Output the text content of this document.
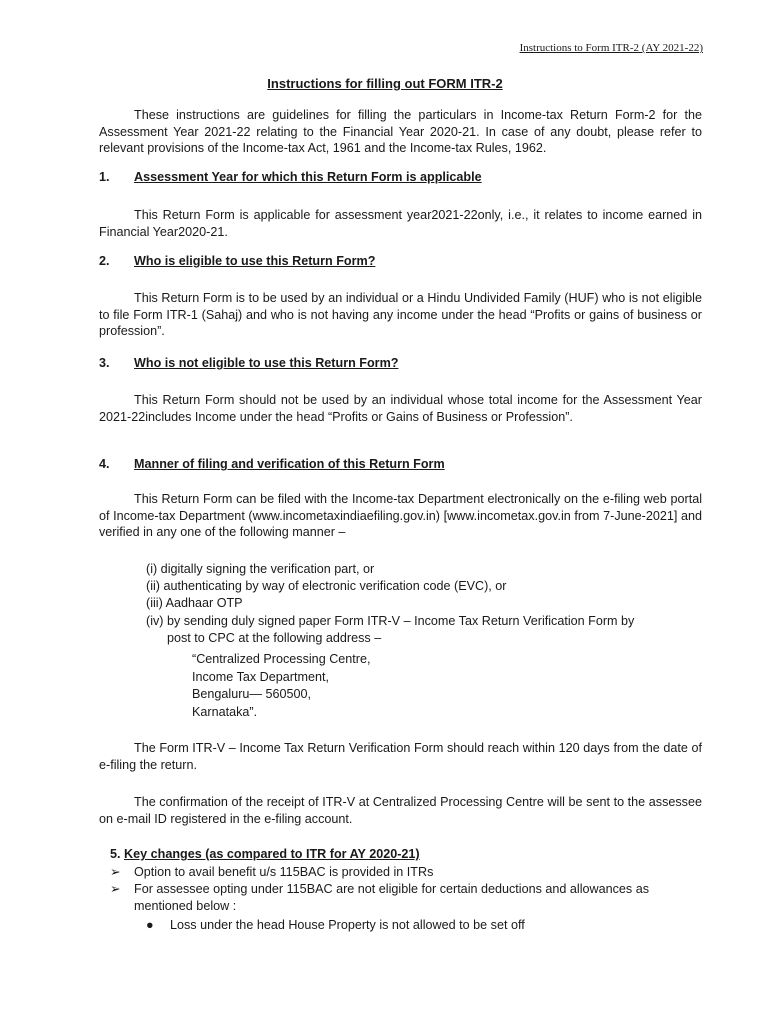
Instructions to Form ITR-2 (AY 2021-22)
Instructions for filling out FORM ITR-2
These instructions are guidelines for filling the particulars in Income-tax Return Form-2 for the Assessment Year 2021-22 relating to the Financial Year 2020-21. In case of any doubt, please refer to relevant provisions of the Income-tax Act, 1961 and the Income-tax Rules, 1962.
1. Assessment Year for which this Return Form is applicable
This Return Form is applicable for assessment year2021-22only, i.e., it relates to income earned in Financial Year2020-21.
2. Who is eligible to use this Return Form?
This Return Form is to be used by an individual or a Hindu Undivided Family (HUF) who is not eligible to file Form ITR-1 (Sahaj) and who is not having any income under the head “Profits or gains of business or profession”.
3. Who is not eligible to use this Return Form?
This Return Form should not be used by an individual whose total income for the Assessment Year 2021-22includes Income under the head “Profits or Gains of Business or Profession”.
4. Manner of filing and verification of this Return Form
This Return Form can be filed with the Income-tax Department electronically on the e-filing web portal of Income-tax Department (www.incometaxindiaefiling.gov.in) [www.incometax.gov.in from 7-June-2021] and verified in any one of the following manner –
(i) digitally signing the verification part, or
(ii) authenticating by way of electronic verification code (EVC), or
(iii) Aadhaar OTP
(iv) by sending duly signed paper Form ITR-V – Income Tax Return Verification Form by
post to CPC at the following address –
“Centralized Processing Centre,
Income Tax Department,
Bengaluru— 560500,
Karnataka”.
The Form ITR-V – Income Tax Return Verification Form should reach within 120 days from the date of e-filing the return.
The confirmation of the receipt of ITR-V at Centralized Processing Centre will be sent to the assessee on e-mail ID registered in the e-filing account.
5. Key changes (as compared to ITR for AY 2020-21)
➢	Option to avail benefit u/s 115BAC is provided in ITRs
➢	For assessee opting under 115BAC are not eligible for certain deductions and allowances as mentioned below :
●	Loss under the head House Property is not allowed to be set off
